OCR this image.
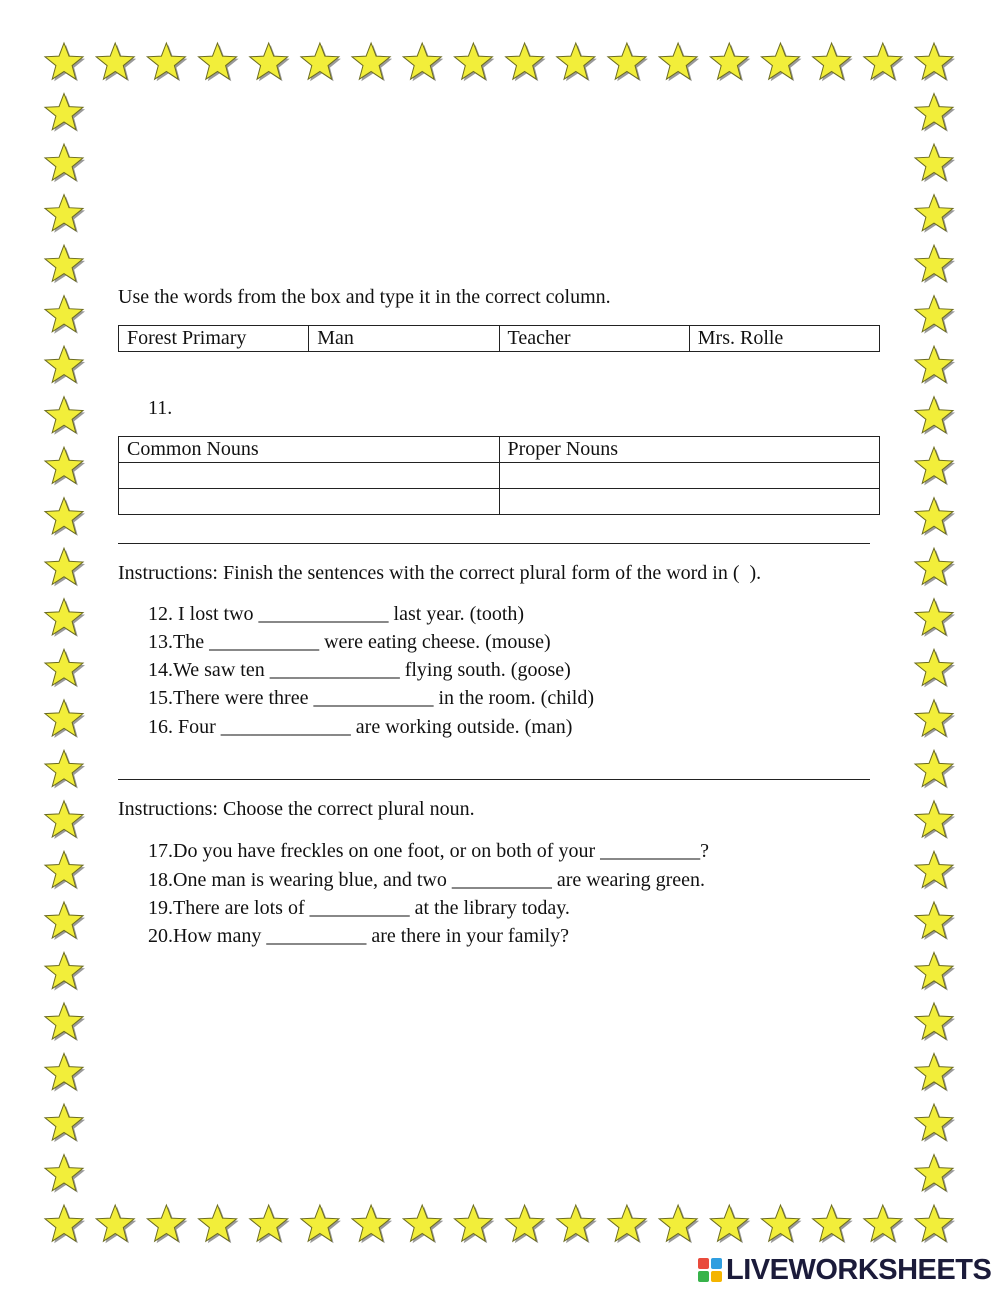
Use the words from the box and type it in the correct column.
Forest Primary	Man	Teacher	Mrs. Rolle
11.
Common Nouns	Proper Nouns

Instructions: Finish the sentences with the correct plural form of the word in (  ).
12. I lost two _____________ last year. (tooth)
13.The ___________ were eating cheese. (mouse)
14.We saw ten _____________ flying south. (goose)
15.There were three ____________ in the room. (child)
16. Four _____________ are working outside. (man)
Instructions: Choose the correct plural noun.
17.Do you have freckles on one foot, or on both of your __________?
18.One man is wearing blue, and two __________ are wearing green.
19.There are lots of __________ at the library today.
20.How many __________ are there in your family?
LIVEWORKSHEETS
